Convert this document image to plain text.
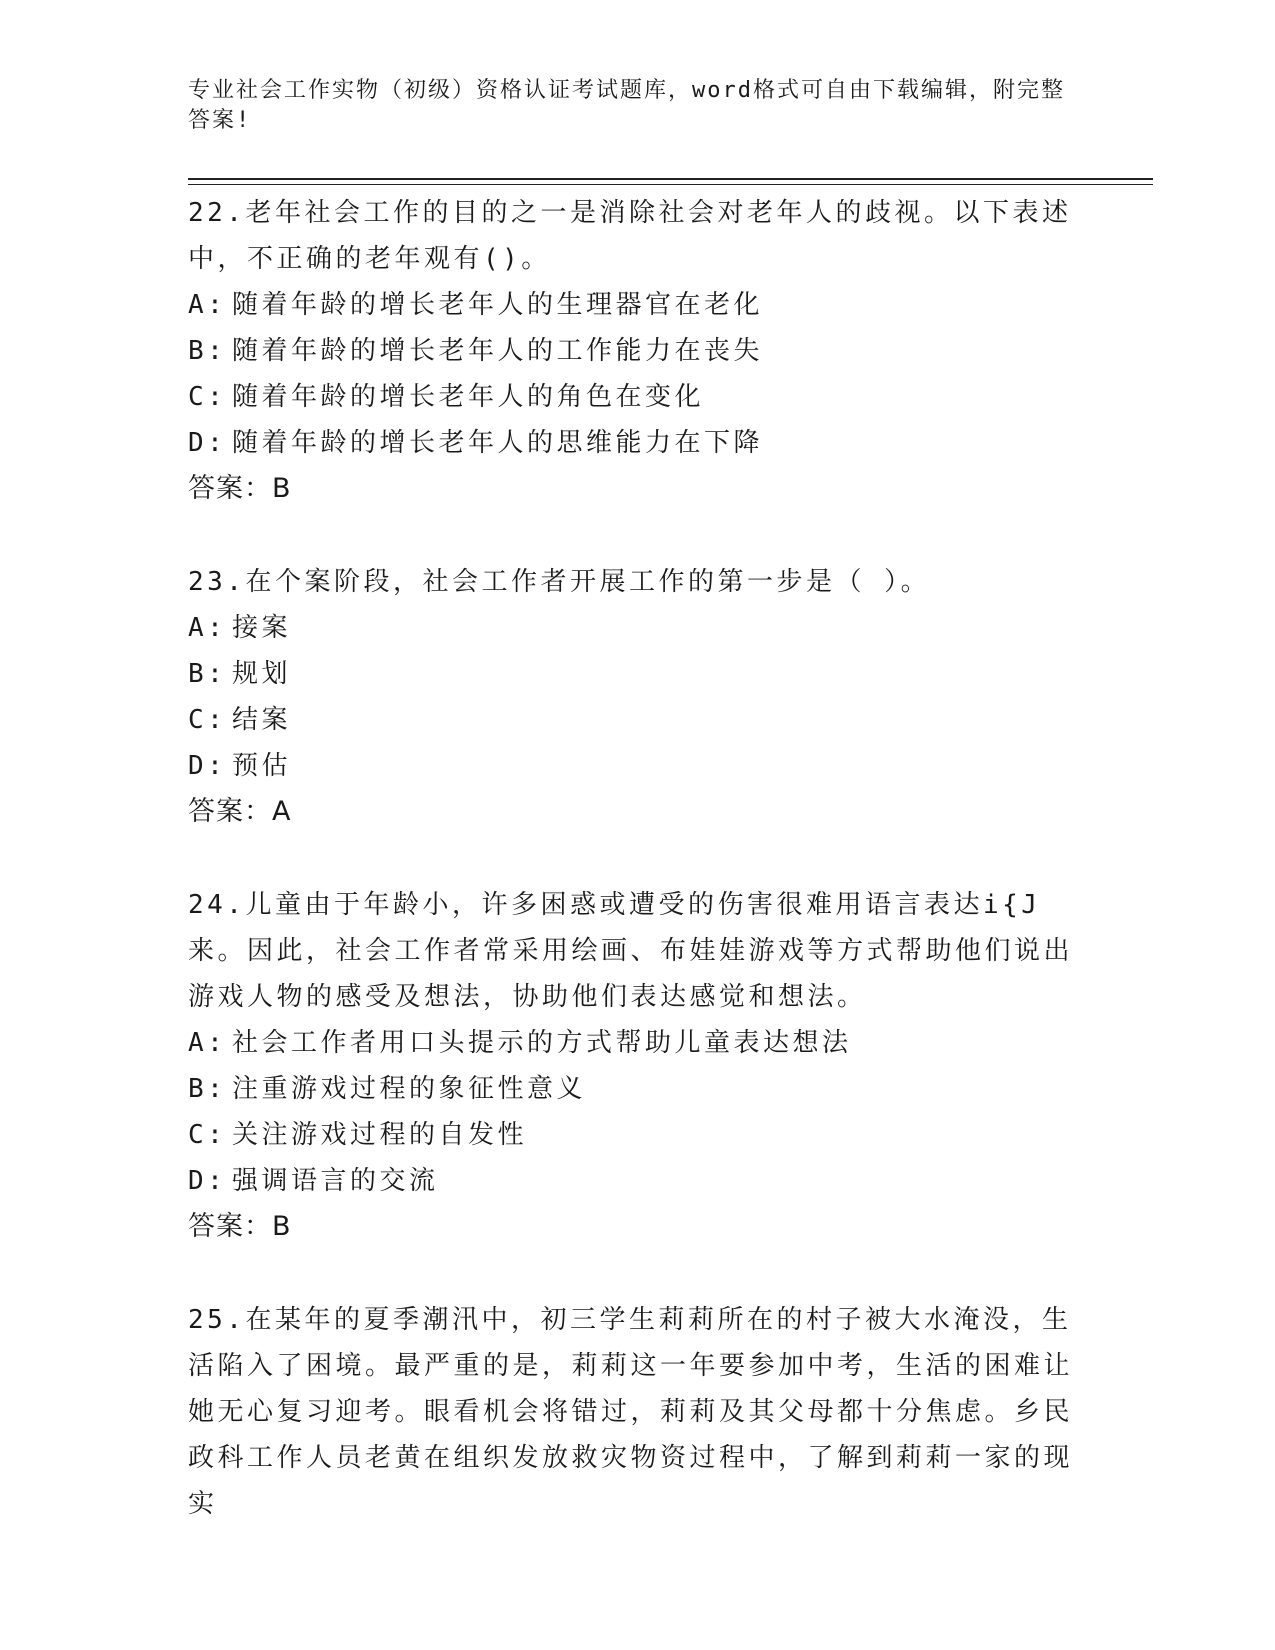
专业社会工作实物（初级）资格认证考试题库，word格式可自由下载编辑，附完整答案!

22.老年社会工作的目的之一是消除社会对老年人的歧视。以下表述中，不正确的老年观有()。

A: 随着年龄的增长老年人的生理器官在老化
B: 随着年龄的增长老年人的工作能力在丧失
C: 随着年龄的增长老年人的角色在变化
D: 随着年龄的增长老年人的思维能力在下降
答案：B

23.在个案阶段，社会工作者开展工作的第一步是（ ）。

A: 接案
B: 规划
C: 结案
D: 预估
答案：A

24.儿童由于年龄小，许多困惑或遭受的伤害很难用语言表达i{J来。因此，社会工作者常采用绘画、布娃娃游戏等方式帮助他们说出游戏人物的感受及想法，协助他们表达感觉和想法。

A: 社会工作者用口头提示的方式帮助儿童表达想法
B: 注重游戏过程的象征性意义
C: 关注游戏过程的自发性
D: 强调语言的交流
答案：B

25.在某年的夏季潮汛中，初三学生莉莉所在的村子被大水淹没，生活陷入了困境。最严重的是，莉莉这一年要参加中考，生活的困难让她无心复习迎考。眼看机会将错过，莉莉及其父母都十分焦虑。乡民政科工作人员老黄在组织发放救灾物资过程中，了解到莉莉一家的现实
